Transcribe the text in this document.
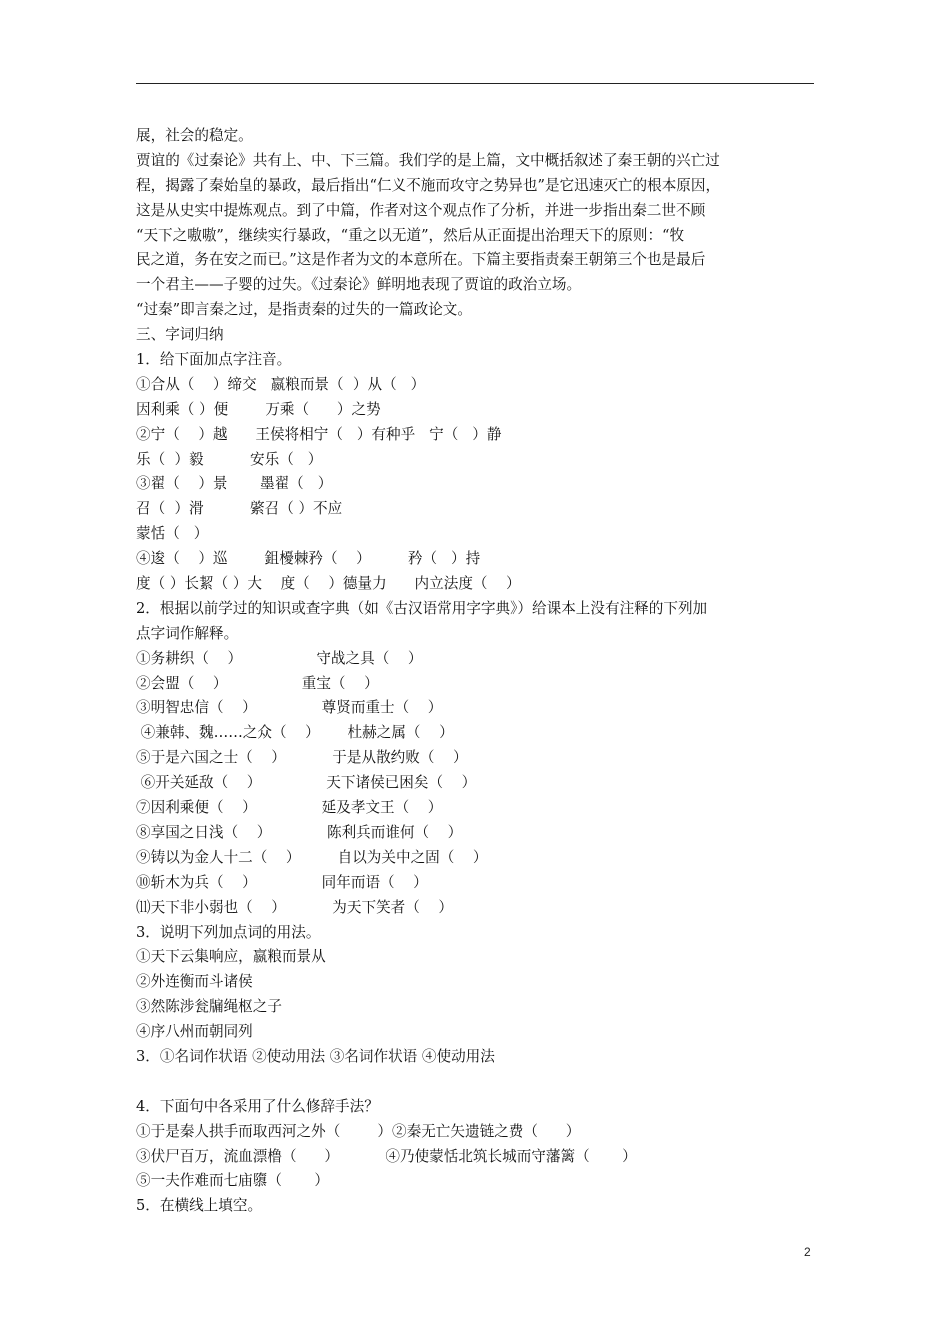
展，社会的稳定。

贾谊的《过秦论》共有上、中、下三篇。我们学的是上篇，文中概括叙述了秦王朝的兴亡过

程，揭露了秦始皇的暴政，最后指出“仁义不施而攻守之势异也”是它迅速灭亡的根本原因，

这是从史实中提炼观点。到了中篇，作者对这个观点作了分析，并进一步指出秦二世不顾

“天下之嗷嗷”，继续实行暴政，“重之以无道”，然后从正面提出治理天下的原则：“牧

民之道，务在安之而已。”这是作者为文的本意所在。下篇主要指责秦王朝第三个也是最后

一个君主——子婴的过失。《过秦论》鲜明地表现了贾谊的政治立场。

“过秦”即言秦之过，是指责秦的过失的一篇政论文。

三、字词归纳

1．给下面加点字注音。

①合从（    ）缔交   嬴粮而景（  ）从（   ）

因利乘（ ）便        万乘（      ）之势

②宁（    ）越      王侯将相宁（   ）有种乎   宁（   ）静

乐（  ）毅          安乐（   ）

③翟（    ）景       墨翟（   ）

召（  ）滑          綮召（ ）不应

蒙恬（   ）

④逡（    ）巡        鉏櫌棘矜（    ）        矜（   ）持

度（ ）长絜（ ）大    度（    ）德量力      内立法度（    ）

2．根据以前学过的知识或查字典（如《古汉语常用字字典》）给课本上没有注释的下列加

点字词作解释。

①务耕织（    ）                守战之具（    ）

②会盟（    ）                重宝（    ）

③明智忠信（    ）              尊贤而重士（    ）

④兼韩、魏……之众（    ）      杜赫之属（    ）

⑤于是六国之士（    ）          于是从散约败（    ）

⑥开关延敌（    ）              天下诸侯已困矣（    ）

⑦因利乘便（    ）              延及孝文王（    ）

⑧享国之日浅（    ）            陈利兵而谁何（    ）

⑨铸以为金人十二（    ）        自以为关中之固（    ）

⑩斩木为兵（    ）              同年而语（    ）

⑾天下非小弱也（    ）          为天下笑者（    ）

3．说明下列加点词的用法。

①天下云集响应，嬴粮而景从

②外连衡而斗诸侯

③然陈涉瓮牖绳枢之子

④序八州而朝同列

3．①名词作状语 ②使动用法 ③名词作状语 ④使动用法

4．下面句中各采用了什么修辞手法？

①于是秦人拱手而取西河之外（        ）②秦无亡矢遗链之费（      ）

③伏尸百万，流血漂橹（      ）          ④乃使蒙恬北筑长城而守藩篱（       ）

⑤一夫作难而七庙隳（       ）

5．在横线上填空。

2
